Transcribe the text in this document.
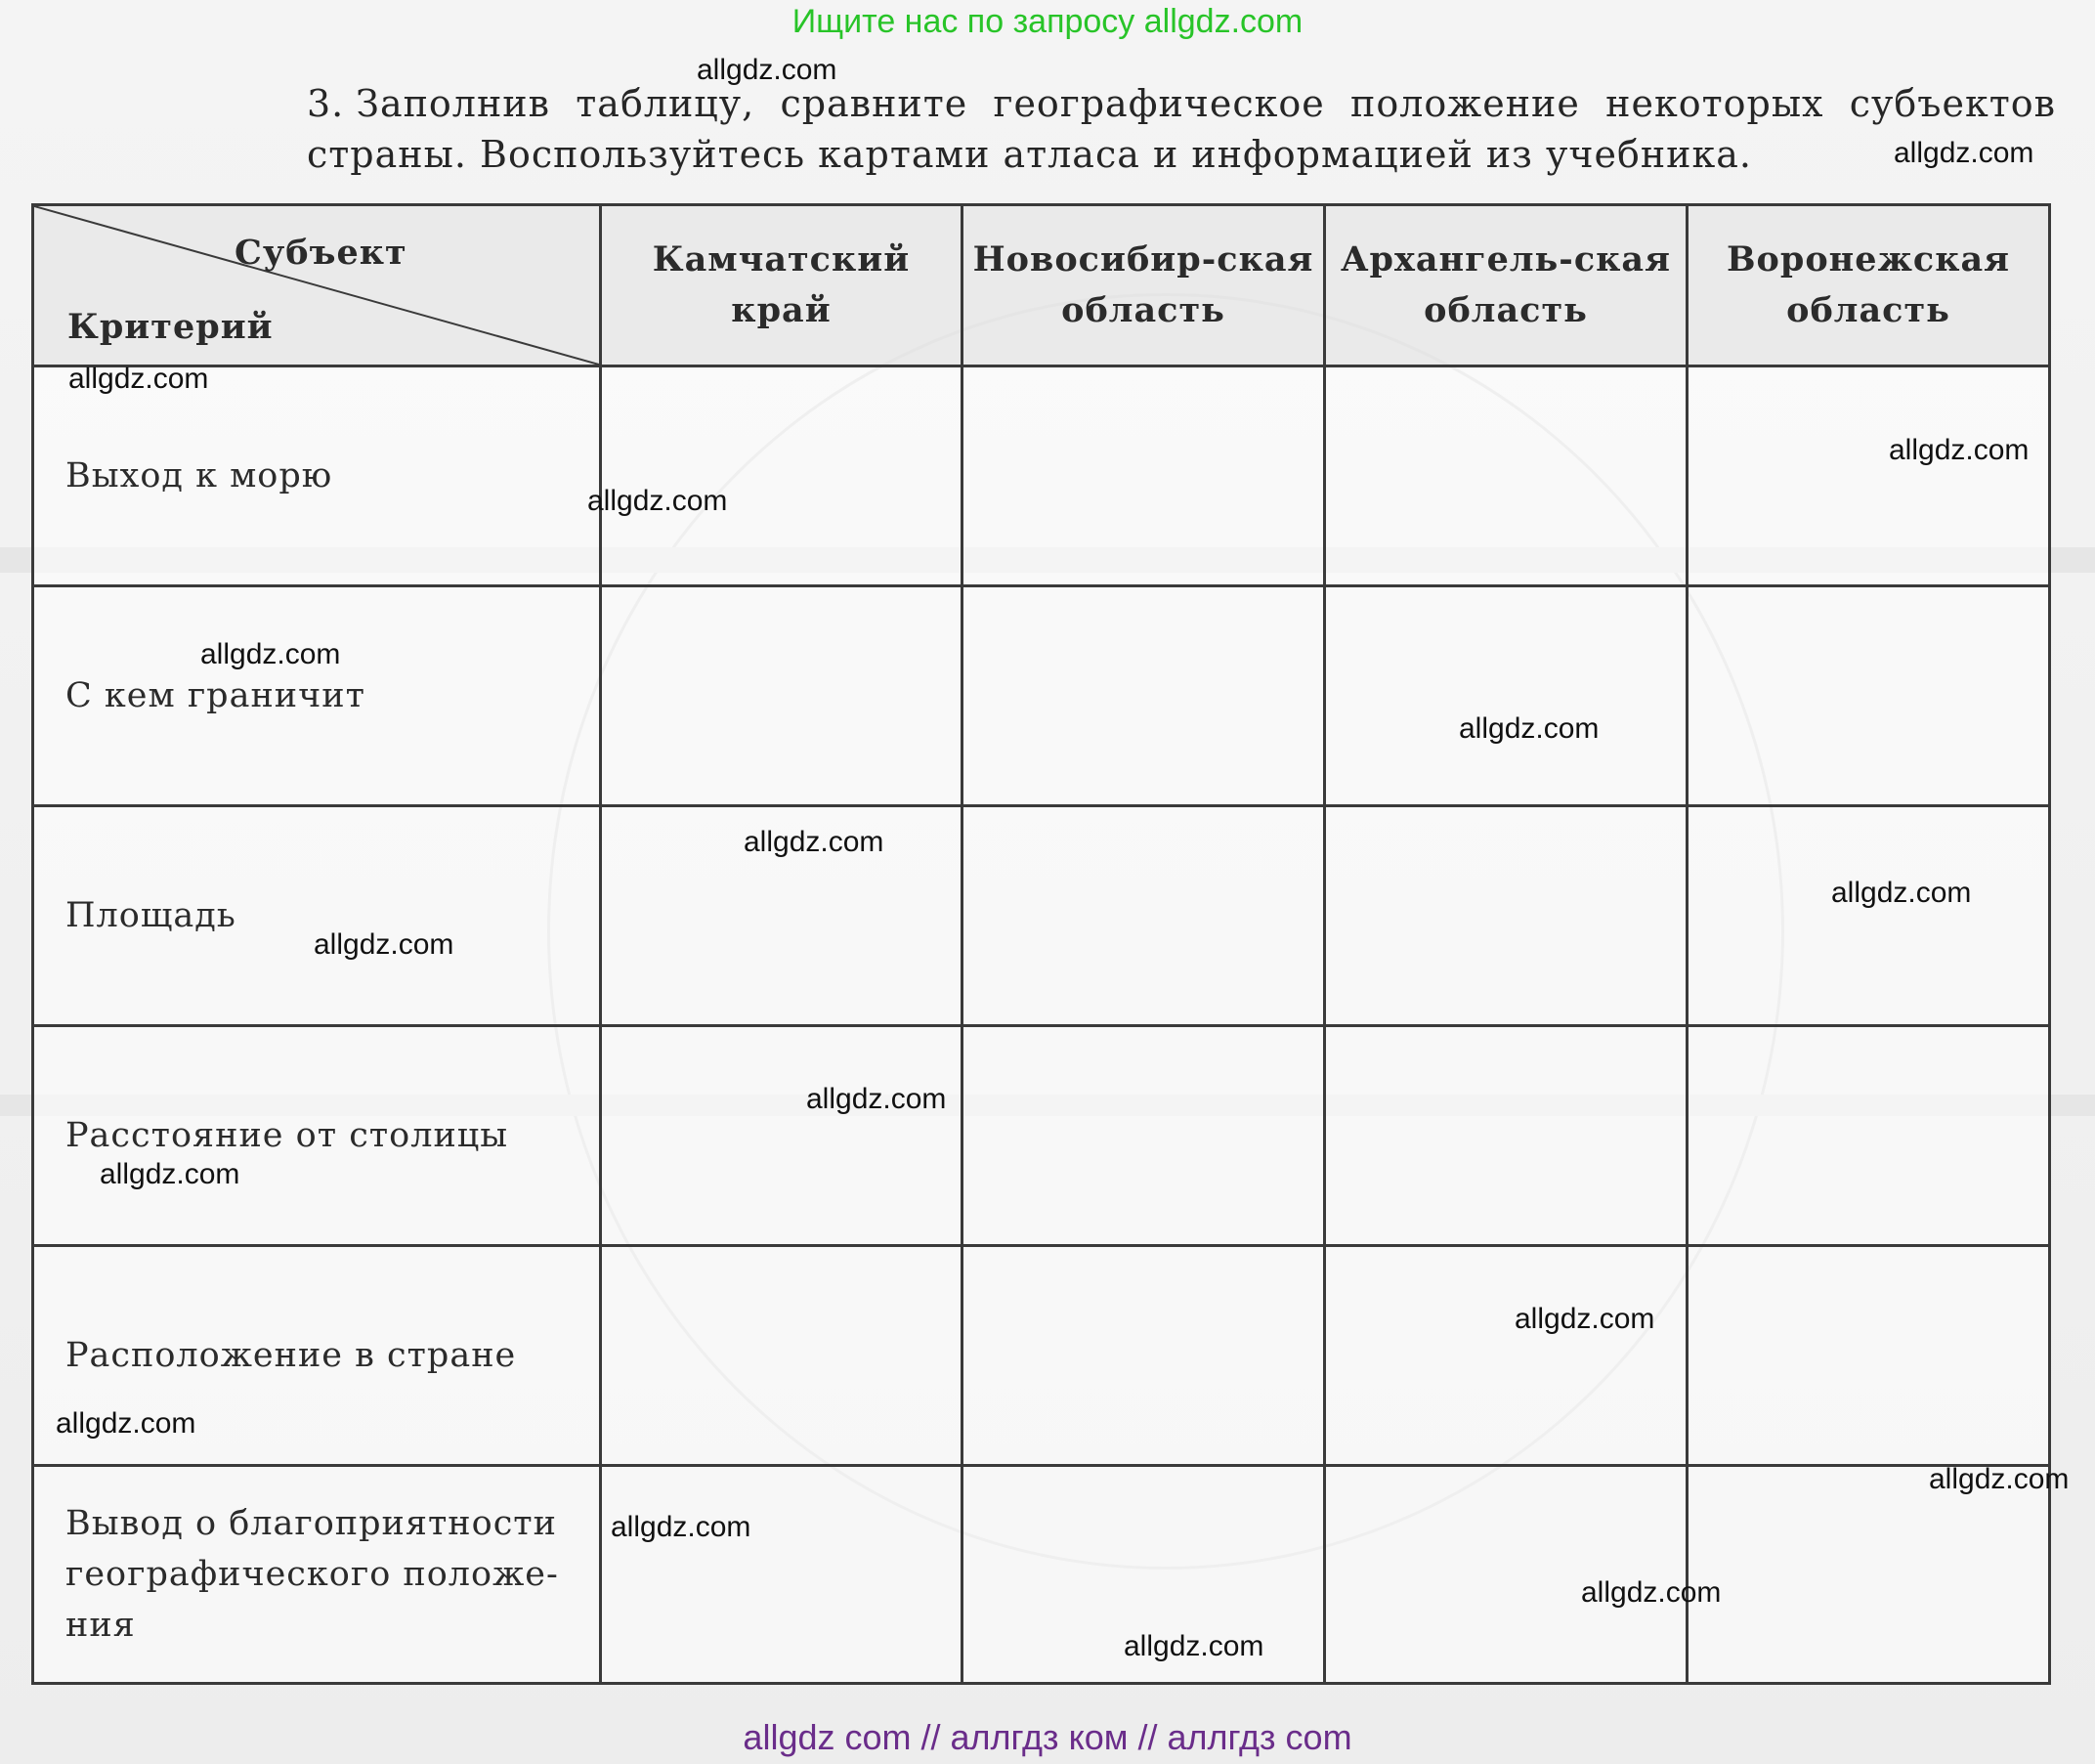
Ищите нас по запросу allgdz.com
3. Заполнив таблицу, сравните географическое положение некоторых субъектов страны. Воспользуйтесь картами атласа и информацией из учебника.
Субъект
Критерий	Камчатский край	Новосибир-ская область	Архангель-ская область	Воронежская область
Выход к морю				
С кем граничит				
Площадь				
Расстояние от столицы				
Расположение в стране				
Вывод о благоприятности географического положе-ния				
allgdz.com
allgdz.com
allgdz.com
allgdz.com
allgdz.com
allgdz.com
allgdz.com
allgdz.com
allgdz.com
allgdz.com
allgdz.com
allgdz.com
allgdz.com
allgdz.com
allgdz.com
allgdz.com
allgdz.com
allgdz.com
allgdz com // аллгдз ком // аллгдз com
